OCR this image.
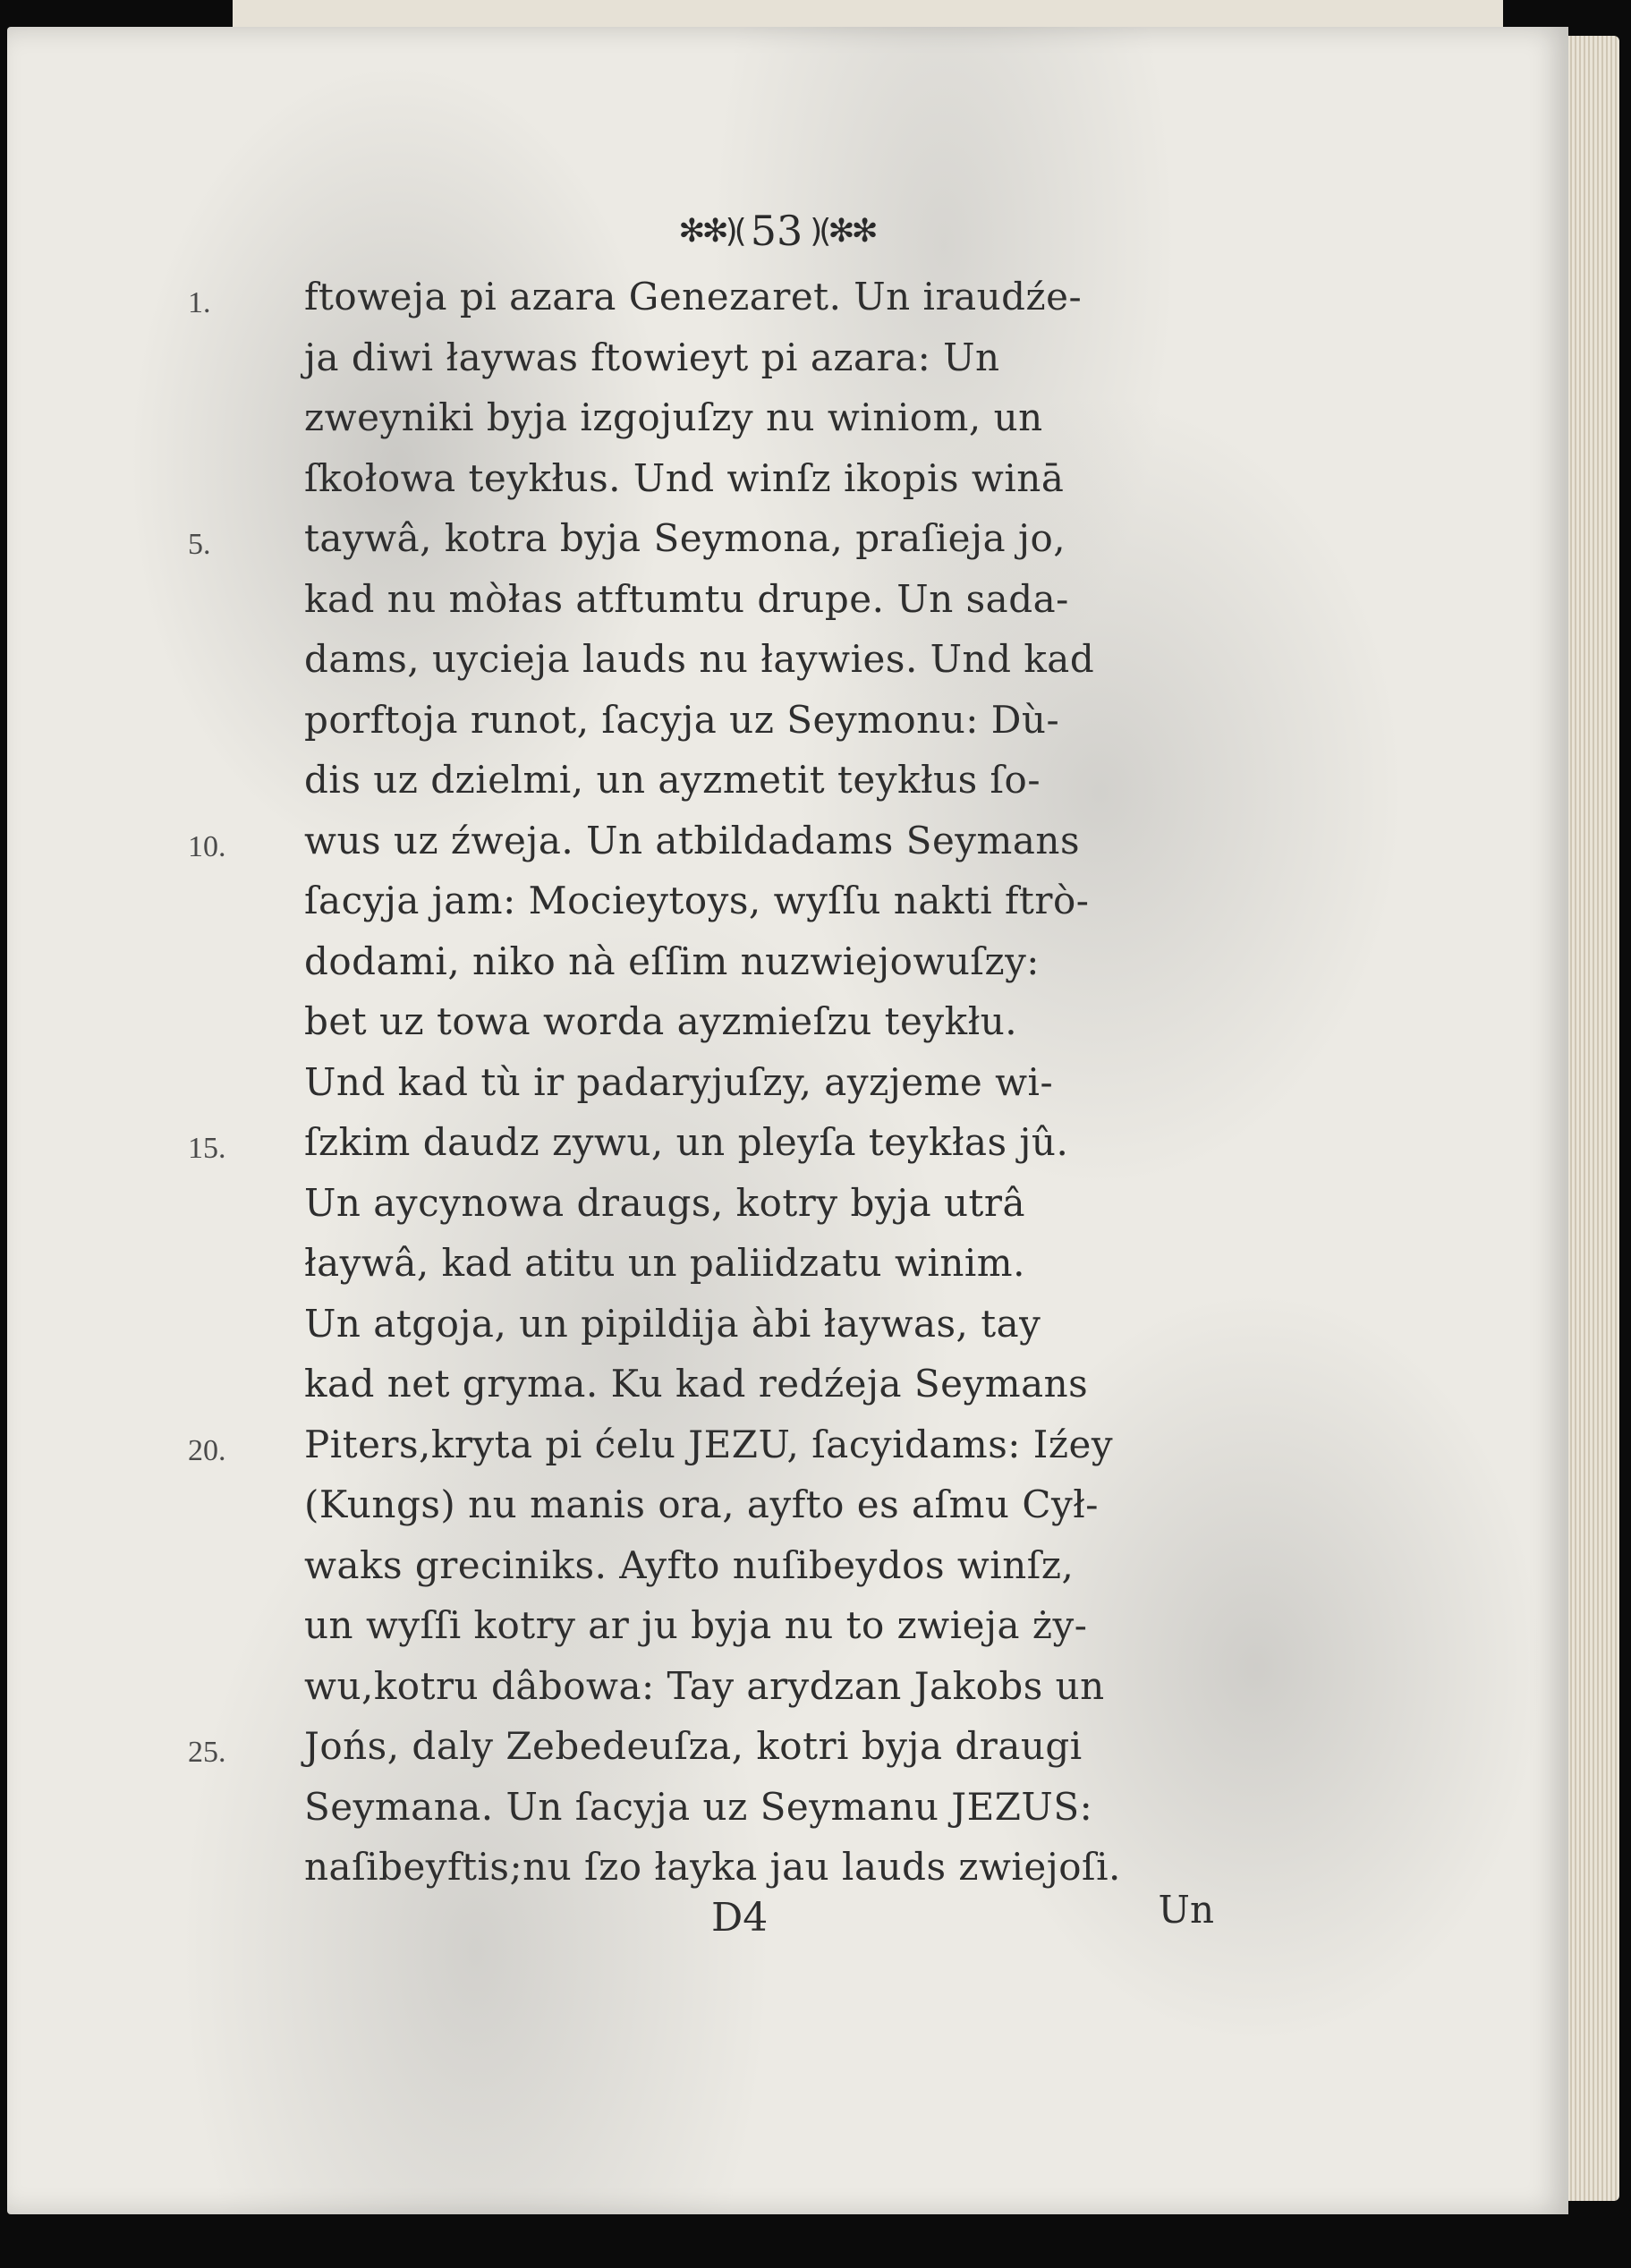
✻✻)( 53 )(✻✻
1.
5.
10.
15.
20.
25.
ftoweja pi azara Genezaret. Un iraudźe-
ja diwi łaywas ftowieyt pi azara: Un
zweyniki byja izgojuſzy nu winiom, un
ſkołowa teykłus. Und winſz ikopis winā
taywâ, kotra byja Seymona, praſieja jo,
kad nu mòłas atftumtu drupe. Un sada-
dams, uycieja lauds nu łaywies. Und kad
porftoja runot, ſacyja uz Seymonu: Dù-
dis uz dzielmi, un ayzmetit teykłus ſo-
wus uz źweja. Un atbildadams Seymans
ſacyja jam: Mocieytoys, wyſſu nakti ftrò-
dodami, niko nà eſſim nuzwiejowuſzy:
bet uz towa worda ayzmieſzu teykłu.
Und kad tù ir padaryjuſzy, ayzjeme wi-
ſzkim daudz zywu, un pleyſa teykłas jû.
Un aycynowa draugs, kotry byja utrâ
łaywâ, kad atitu un paliidzatu winim.
Un atgoja, un pipildija àbi łaywas, tay
kad net gryma. Ku kad redźeja Seymans
Piters,kryta pi ćelu JEZU, ſacyidams: Iźey
(Kungs) nu manis ora, ayfto es aſmu Cył-
waks greciniks. Ayfto nuſibeydos winſz,
un wyſſi kotry ar ju byja nu to zwieja ży-
wu,kotru dâbowa: Tay arydzan Jakobs un
Jońs, daly Zebedeuſza, kotri byja draugi
Seymana. Un ſacyja uz Seymanu JEZUS:
naſibeyftis;nu ſzo łayka jau lauds zwiejoſi.
D4	Un
